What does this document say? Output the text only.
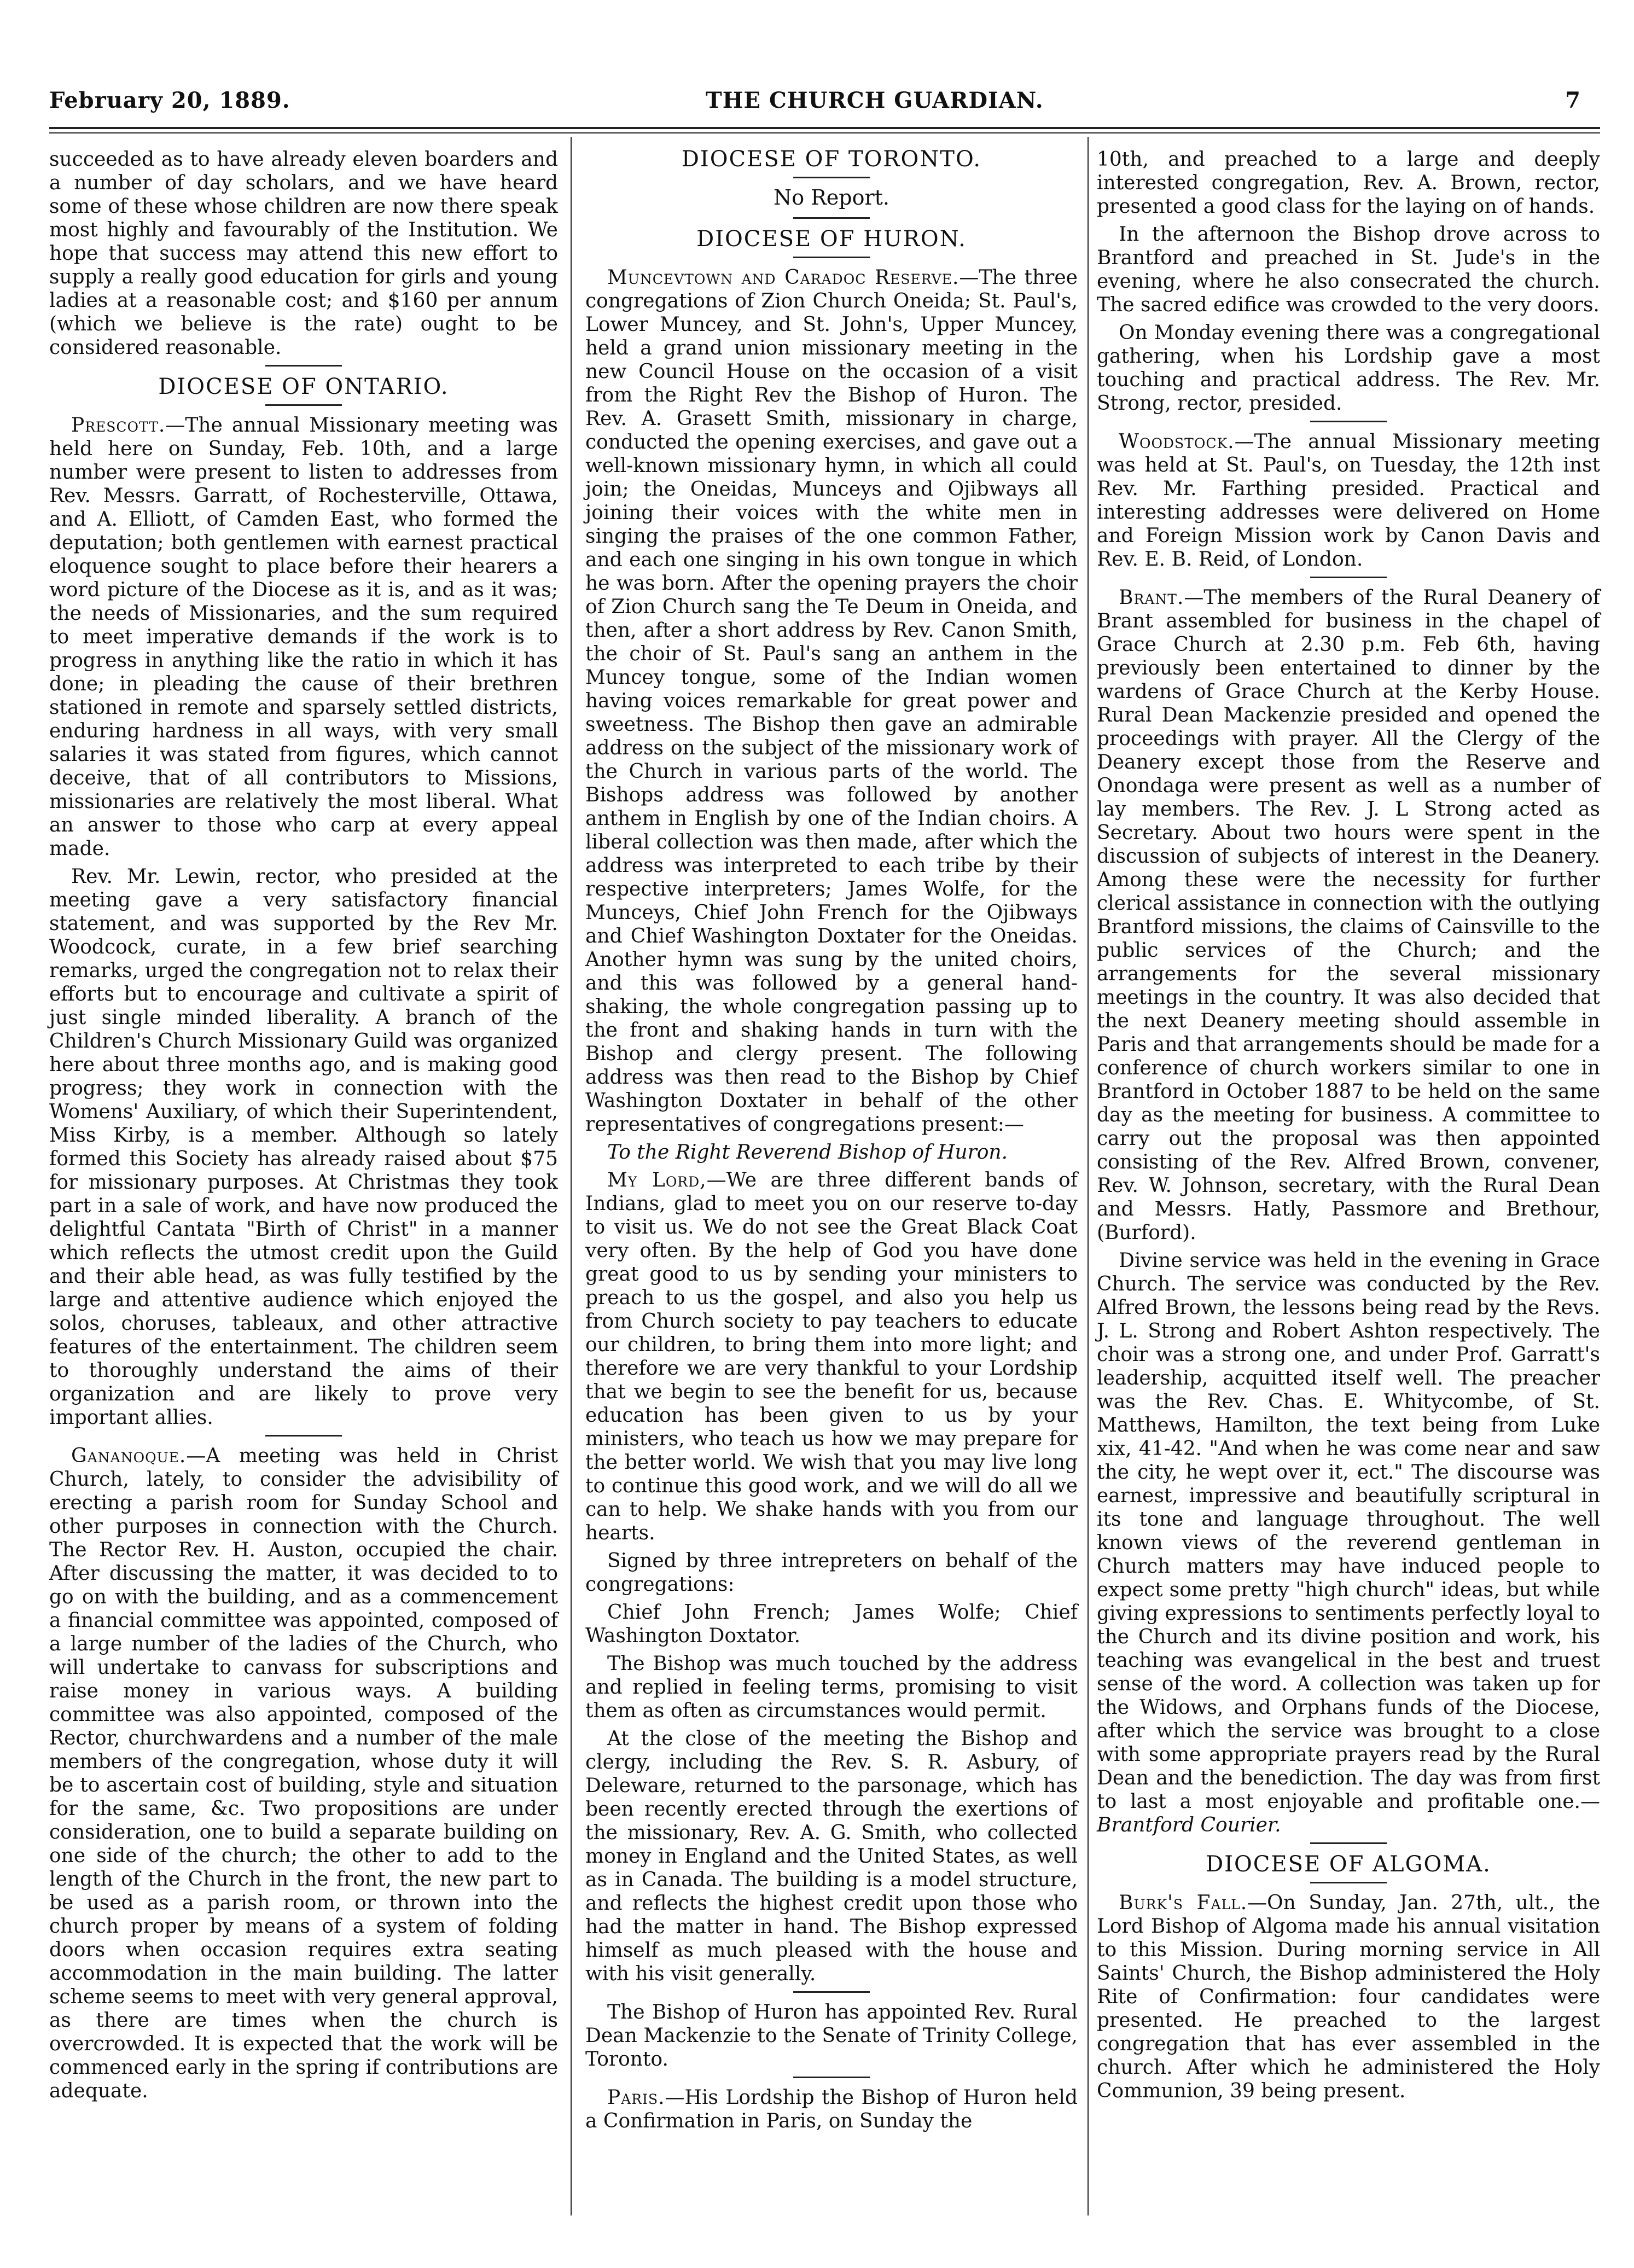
February 20, 1889.	THE CHURCH GUARDIAN.	7

succeeded as to have already eleven boarders and a number of day scholars, and we have heard some of these whose children are now there speak most highly and favourably of the Institution. We hope that success may attend this new effort to supply a really good education for girls and young ladies at a reasonable cost; and $160 per annum (which we believe is the rate) ought to be considered reasonable.

DIOCESE OF ONTARIO.

Prescott.—The annual Missionary meeting was held here on Sunday, Feb. 10th, and a large number were present to listen to addresses from Rev. Messrs. Garratt, of Rochesterville, Ottawa, and A. Elliott, of Camden East, who formed the deputation; both gentlemen with earnest practical eloquence sought to place before their hearers a word picture of the Diocese as it is, and as it was; the needs of Missionaries, and the sum required to meet imperative demands if the work is to progress in anything like the ratio in which it has done; in pleading the cause of their brethren stationed in remote and sparsely settled districts, enduring hardness in all ways, with very small salaries it was stated from figures, which cannot deceive, that of all contributors to Missions, missionaries are relatively the most liberal. What an answer to those who carp at every appeal made.

Rev. Mr. Lewin, rector, who presided at the meeting gave a very satisfactory financial statement, and was supported by the Rev Mr. Woodcock, curate, in a few brief searching remarks, urged the congregation not to relax their efforts but to encourage and cultivate a spirit of just single minded liberality. A branch of the Children's Church Missionary Guild was organized here about three months ago, and is making good progress; they work in connection with the Womens' Auxiliary, of which their Superintendent, Miss Kirby, is a member. Although so lately formed this Society has already raised about $75 for missionary purposes. At Christmas they took part in a sale of work, and have now produced the delightful Cantata "Birth of Christ" in a manner which reflects the utmost credit upon the Guild and their able head, as was fully testified by the large and attentive audience which enjoyed the solos, choruses, tableaux, and other attractive features of the entertainment. The children seem to thoroughly understand the aims of their organization and are likely to prove very important allies.

Gananoque.—A meeting was held in Christ Church, lately, to consider the advisibility of erecting a parish room for Sunday School and other purposes in connection with the Church. The Rector Rev. H. Auston, occupied the chair. After discussing the matter, it was decided to to go on with the building, and as a commencement a financial committee was appointed, composed of a large number of the ladies of the Church, who will undertake to canvass for subscriptions and raise money in various ways. A building committee was also appointed, composed of the Rector, churchwardens and a number of the male members of the congregation, whose duty it will be to ascertain cost of building, style and situation for the same, &c. Two propositions are under consideration, one to build a separate building on one side of the church; the other to add to the length of the Church in the front, the new part to be used as a parish room, or thrown into the church proper by means of a system of folding doors when occasion requires extra seating accommodation in the main building. The latter scheme seems to meet with very general approval, as there are times when the church is overcrowded. It is expected that the work will be commenced early in the spring if contributions are adequate.

DIOCESE OF TORONTO.
No Report.
DIOCESE OF HURON.

Muncevtown and Caradoc Reserve.—The three congregations of Zion Church Oneida; St. Paul's, Lower Muncey, and St. John's, Upper Muncey, held a grand union missionary meeting in the new Council House on the occasion of a visit from the Right Rev the Bishop of Huron. The Rev. A. Grasett Smith, missionary in charge, conducted the opening exercises, and gave out a well-known missionary hymn, in which all could join; the Oneidas, Munceys and Ojibways all joining their voices with the white men in singing the praises of the one common Father, and each one singing in his own tongue in which he was born. After the opening prayers the choir of Zion Church sang the Te Deum in Oneida, and then, after a short address by Rev. Canon Smith, the choir of St. Paul's sang an anthem in the Muncey tongue, some of the Indian women having voices remarkable for great power and sweetness. The Bishop then gave an admirable address on the subject of the missionary work of the Church in various parts of the world. The Bishops address was followed by another anthem in English by one of the Indian choirs. A liberal collection was then made, after which the address was interpreted to each tribe by their respective interpreters; James Wolfe, for the Munceys, Chief John French for the Ojibways and Chief Washington Doxtater for the Oneidas. Another hymn was sung by the united choirs, and this was followed by a general hand-shaking, the whole congregation passing up to the front and shaking hands in turn with the Bishop and clergy present. The following address was then read to the Bishop by Chief Washington Doxtater in behalf of the other representatives of congregations present:—

To the Right Reverend Bishop of Huron.

My Lord,—We are three different bands of Indians, glad to meet you on our reserve to-day to visit us. We do not see the Great Black Coat very often. By the help of God you have done great good to us by sending your ministers to preach to us the gospel, and also you help us from Church society to pay teachers to educate our children, to bring them into more light; and therefore we are very thankful to your Lordship that we begin to see the benefit for us, because education has been given to us by your ministers, who teach us how we may prepare for the better world. We wish that you may live long to continue this good work, and we will do all we can to help. We shake hands with you from our hearts.

Signed by three intrepreters on behalf of the congregations:

Chief John French; James Wolfe; Chief Washington Doxtator.

The Bishop was much touched by the address and replied in feeling terms, promising to visit them as often as circumstances would permit.

At the close of the meeting the Bishop and clergy, including the Rev. S. R. Asbury, of Deleware, returned to the parsonage, which has been recently erected through the exertions of the missionary, Rev. A. G. Smith, who collected money in England and the United States, as well as in Canada. The building is a model structure, and reflects the highest credit upon those who had the matter in hand. The Bishop expressed himself as much pleased with the house and with his visit generally.

The Bishop of Huron has appointed Rev. Rural Dean Mackenzie to the Senate of Trinity College, Toronto.

Paris.—His Lordship the Bishop of Huron held a Confirmation in Paris, on Sunday the

10th, and preached to a large and deeply interested congregation, Rev. A. Brown, rector, presented a good class for the laying on of hands.

In the afternoon the Bishop drove across to Brantford and preached in St. Jude's in the evening, where he also consecrated the church. The sacred edifice was crowded to the very doors.

On Monday evening there was a congregational gathering, when his Lordship gave a most touching and practical address. The Rev. Mr. Strong, rector, presided.

Woodstock.—The annual Missionary meeting was held at St. Paul's, on Tuesday, the 12th inst Rev. Mr. Farthing presided. Practical and interesting addresses were delivered on Home and Foreign Mission work by Canon Davis and Rev. E. B. Reid, of London.

Brant.—The members of the Rural Deanery of Brant assembled for business in the chapel of Grace Church at 2.30 p.m. Feb 6th, having previously been entertained to dinner by the wardens of Grace Church at the Kerby House. Rural Dean Mackenzie presided and opened the proceedings with prayer. All the Clergy of the Deanery except those from the Reserve and Onondaga were present as well as a number of lay members. The Rev. J. L Strong acted as Secretary. About two hours were spent in the discussion of subjects of interest in the Deanery. Among these were the necessity for further clerical assistance in connection with the outlying Brantford missions, the claims of Cainsville to the public services of the Church; and the arrangements for the several missionary meetings in the country. It was also decided that the next Deanery meeting should assemble in Paris and that arrangements should be made for a conference of church workers similar to one in Brantford in October 1887 to be held on the same day as the meeting for business. A committee to carry out the proposal was then appointed consisting of the Rev. Alfred Brown, convener, Rev. W. Johnson, secretary, with the Rural Dean and Messrs. Hatly, Passmore and Brethour, (Burford).

Divine service was held in the evening in Grace Church. The service was conducted by the Rev. Alfred Brown, the lessons being read by the Revs. J. L. Strong and Robert Ashton respectively. The choir was a strong one, and under Prof. Garratt's leadership, acquitted itself well. The preacher was the Rev. Chas. E. Whitycombe, of St. Matthews, Hamilton, the text being from Luke xix, 41-42. "And when he was come near and saw the city, he wept over it, ect." The discourse was earnest, impressive and beautifully scriptural in its tone and language throughout. The well known views of the reverend gentleman in Church matters may have induced people to expect some pretty "high church" ideas, but while giving expressions to sentiments perfectly loyal to the Church and its divine position and work, his teaching was evangelical in the best and truest sense of the word. A collection was taken up for the Widows, and Orphans funds of the Diocese, after which the service was brought to a close with some appropriate prayers read by the Rural Dean and the benediction. The day was from first to last a most enjoyable and profitable one.—Brantford Courier.

DIOCESE OF ALGOMA.

Burk's Fall.—On Sunday, Jan. 27th, ult., the Lord Bishop of Algoma made his annual visitation to this Mission. During morning service in All Saints' Church, the Bishop administered the Holy Rite of Confirmation: four candidates were presented. He preached to the largest congregation that has ever assembled in the church. After which he administered the Holy Communion, 39 being present.
